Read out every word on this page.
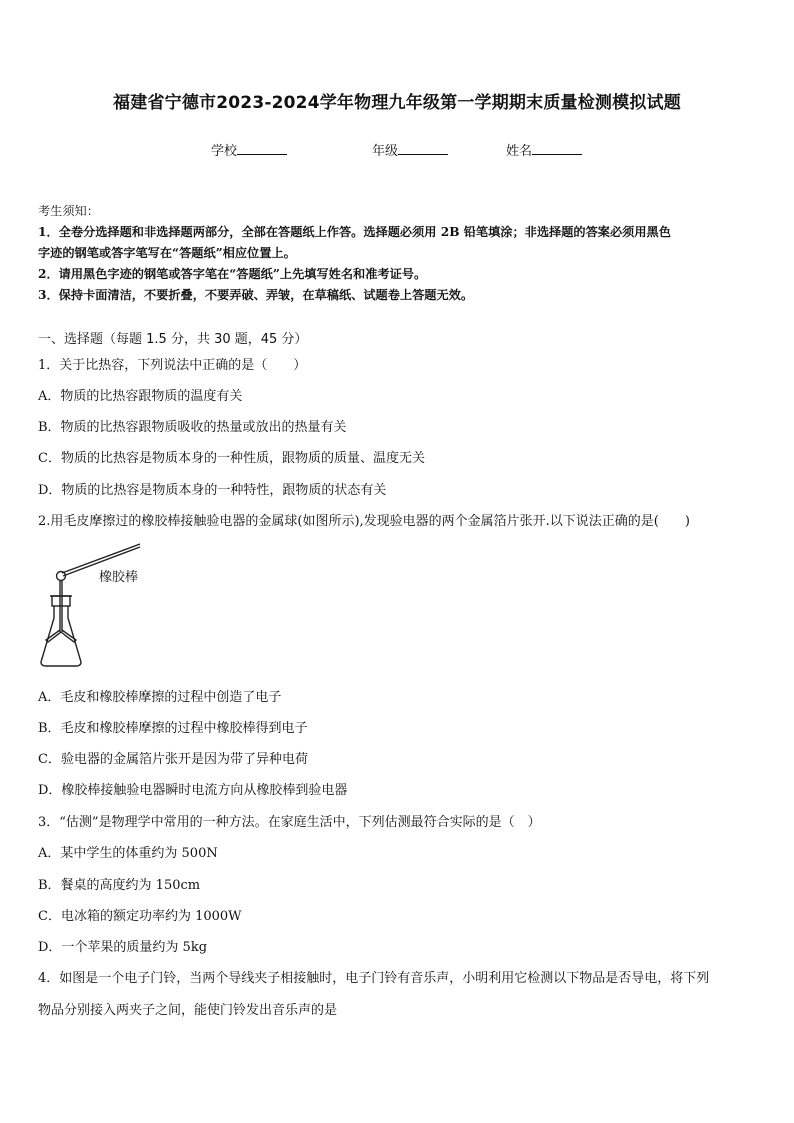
福建省宁德市2023-2024学年物理九年级第一学期期末质量检测模拟试题
学校	年级	姓名

考生须知：

1．全卷分选择题和非选择题两部分，全部在答题纸上作答。选择题必须用 2B 铅笔填涂；非选择题的答案必须用黑色

字迹的钢笔或答字笔写在“答题纸”相应位置上。

2．请用黑色字迹的钢笔或答字笔在“答题纸”上先填写姓名和准考证号。

3．保持卡面清洁，不要折叠，不要弄破、弄皱，在草稿纸、试题卷上答题无效。

一、选择题（每题 1.5 分，共 30 题，45 分）
1．关于比热容，下列说法中正确的是（　　）
A．物质的比热容跟物质的温度有关
B．物质的比热容跟物质吸收的热量或放出的热量有关
C．物质的比热容是物质本身的一种性质，跟物质的质量、温度无关
D．物质的比热容是物质本身的一种特性，跟物质的状态有关
2.用毛皮摩擦过的橡胶棒接触验电器的金属球(如图所示),发现验电器的两个金属箔片张开.以下说法正确的是(　　)
橡胶棒
A．毛皮和橡胶棒摩擦的过程中创造了电子
B．毛皮和橡胶棒摩擦的过程中橡胶棒得到电子
C．验电器的金属箔片张开是因为带了异种电荷
D．橡胶棒接触验电器瞬时电流方向从橡胶棒到验电器
3．“估测”是物理学中常用的一种方法。在家庭生活中，下列估测最符合实际的是（　）
A．某中学生的体重约为 500N
B．餐桌的高度约为 150cm
C．电冰箱的额定功率约为 1000W
D．一个苹果的质量约为 5kg
4．如图是一个电子门铃，当两个导线夹子相接触时，电子门铃有音乐声，小明利用它检测以下物品是否导电，将下列
物品分别接入两夹子之间，能使门铃发出音乐声的是
